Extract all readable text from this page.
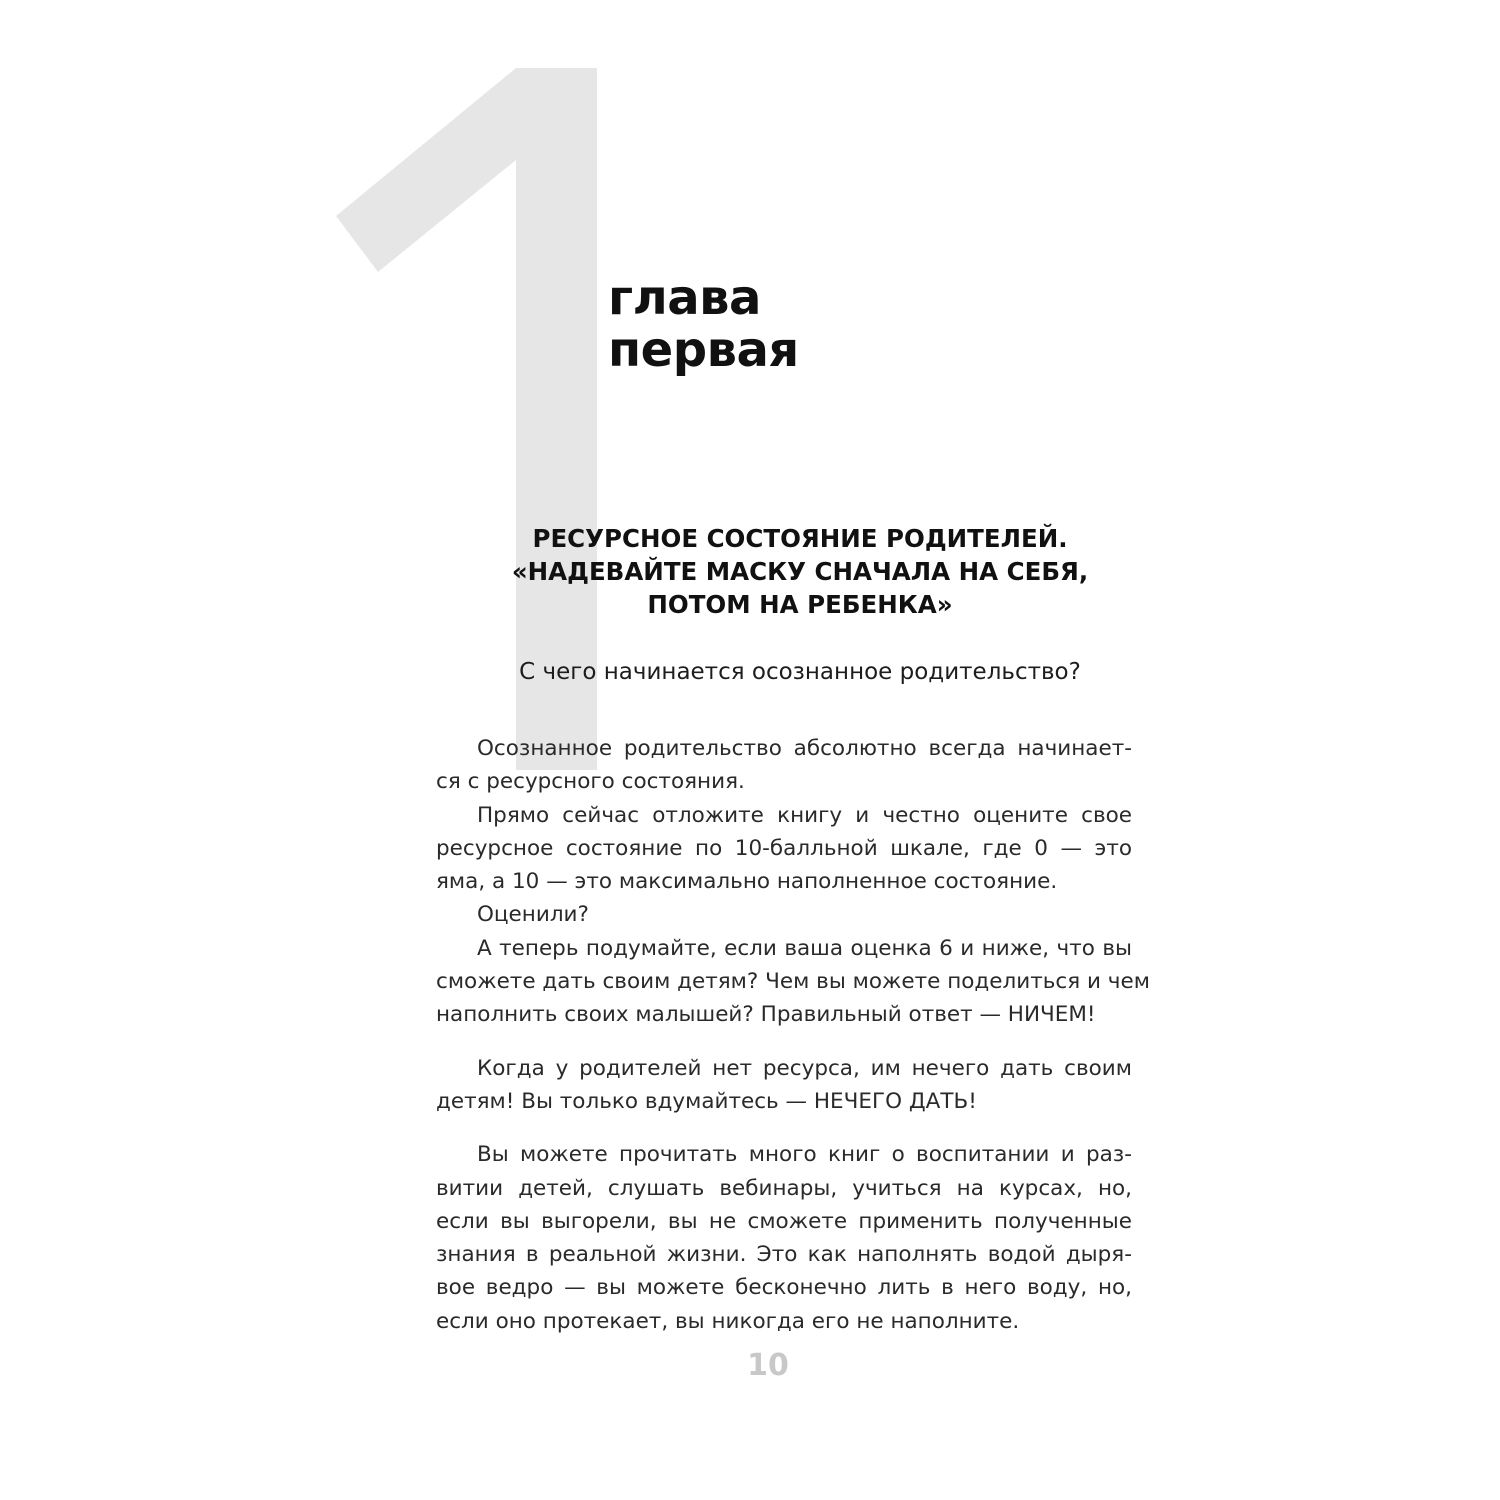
глава
первая
РЕСУРСНОЕ СОСТОЯНИЕ РОДИТЕЛЕЙ.
«НАДЕВАЙТЕ МАСКУ СНАЧАЛА НА СЕБЯ,
ПОТОМ НА РЕБЕНКА»
С чего начинается осознанное родительство?
Осознанное родительство абсолютно всегда начинает-
ся с ресурсного состояния.
Прямо сейчас отложите книгу и честно оцените свое
ресурсное состояние по 10-балльной шкале, где 0 — это
яма, а 10 — это максимально наполненное состояние.
Оценили?
А теперь подумайте, если ваша оценка 6 и ниже, что вы
сможете дать своим детям? Чем вы можете поделиться и чем
наполнить своих малышей? Правильный ответ — НИЧЕМ!
Когда у родителей нет ресурса, им нечего дать своим
детям! Вы только вдумайтесь — НЕЧЕГО ДАТЬ!
Вы можете прочитать много книг о воспитании и раз-
витии детей, слушать вебинары, учиться на курсах, но,
если вы выгорели, вы не сможете применить полученные
знания в реальной жизни. Это как наполнять водой дыря-
вое ведро — вы можете бесконечно лить в него воду, но,
если оно протекает, вы никогда его не наполните.
10
